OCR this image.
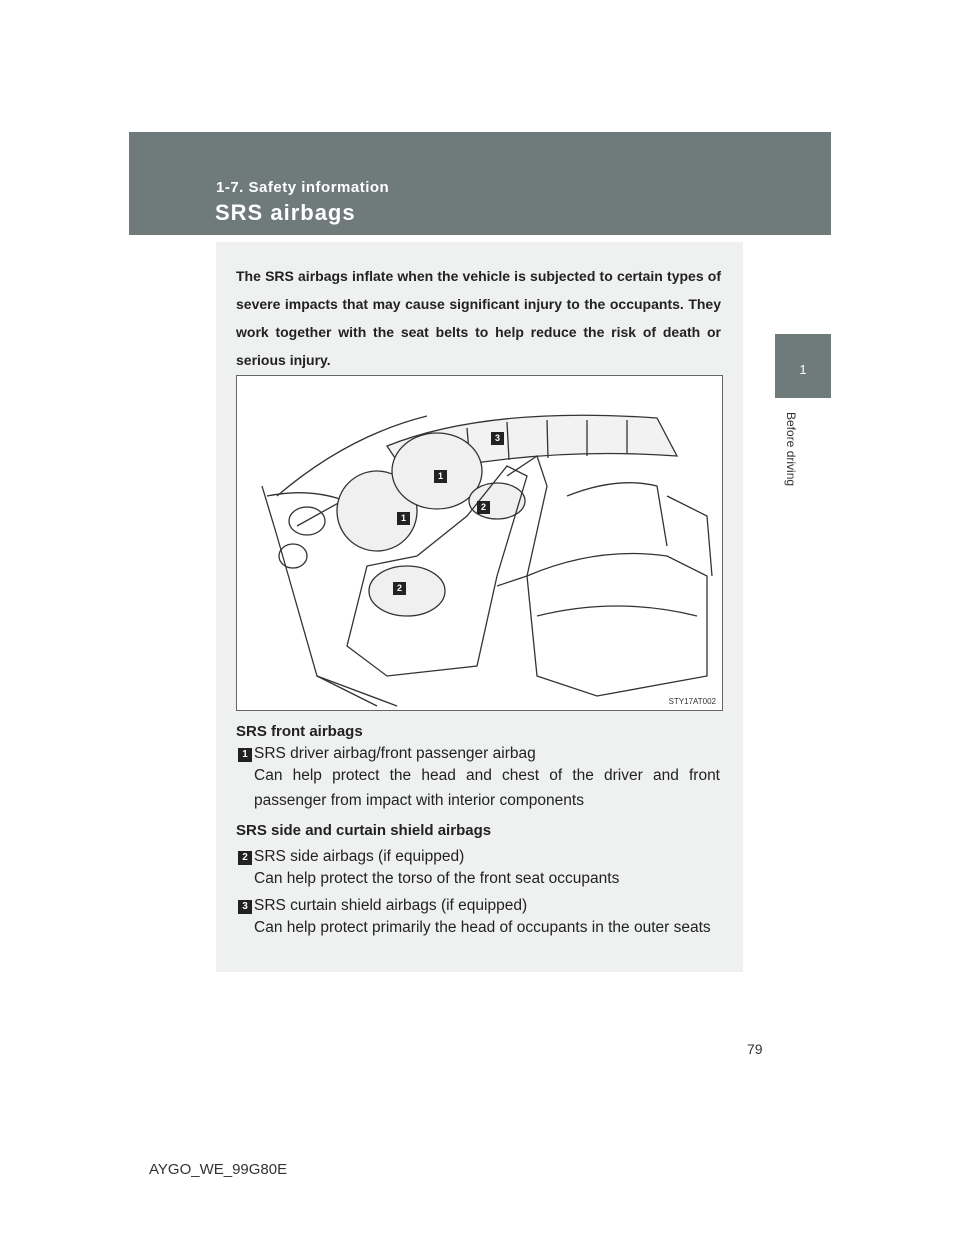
1-7. Safety information
SRS airbags
1
Before driving
The SRS airbags inflate when the vehicle is subjected to certain types of severe impacts that may cause significant injury to the occupants. They work together with the seat belts to help reduce the risk of death or serious injury.
3
1
2
1
2
STY17AT002
SRS front airbags
1 SRS driver airbag/front passenger airbag
Can help protect the head and chest of the driver and front passenger from impact with interior components
SRS side and curtain shield airbags
2 SRS side airbags (if equipped)
Can help protect the torso of the front seat occupants
3 SRS curtain shield airbags (if equipped)
Can help protect primarily the head of occupants in the outer seats
79
AYGO_WE_99G80E
